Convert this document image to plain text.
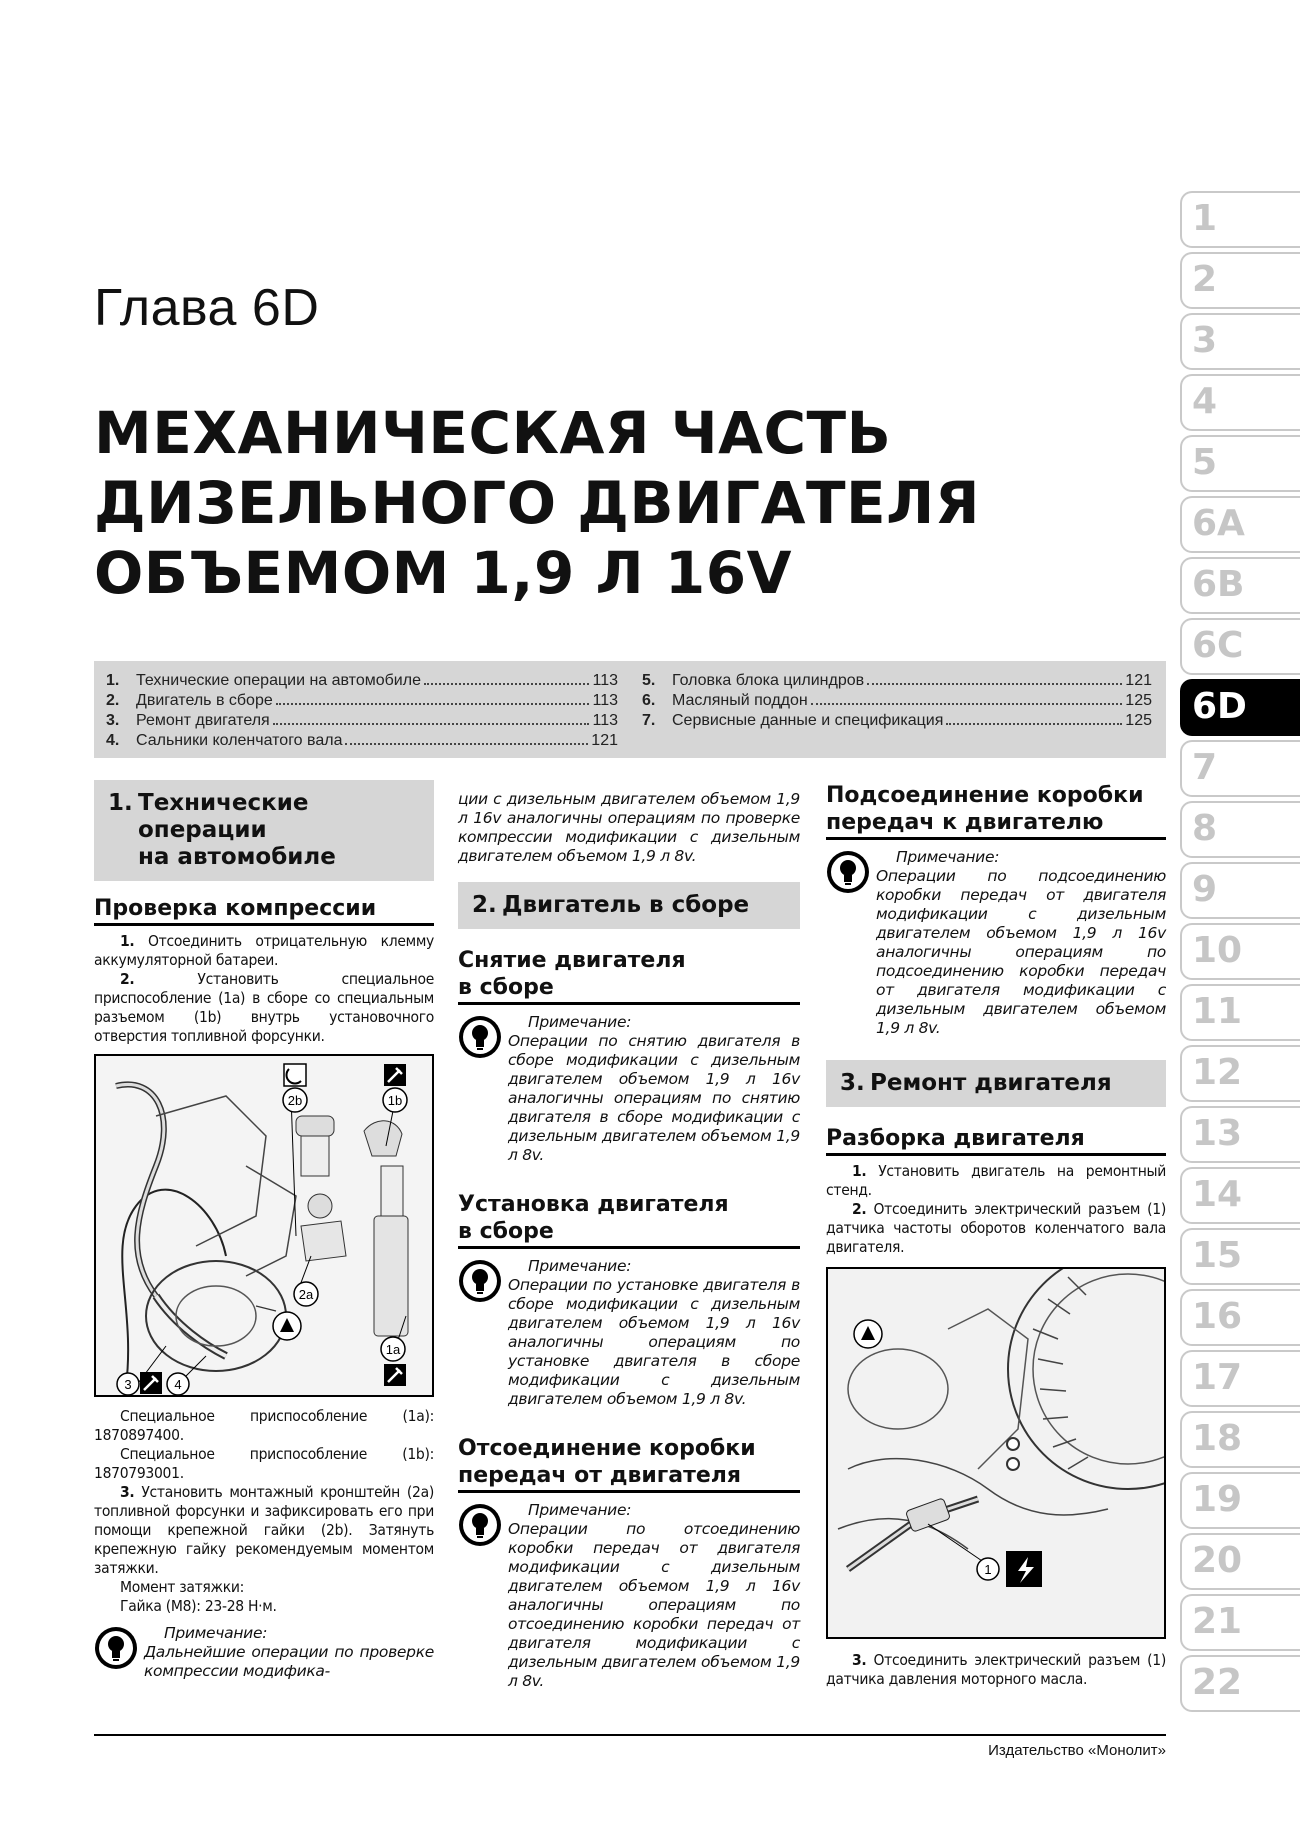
Глава 6D
МЕХАНИЧЕСКАЯ ЧАСТЬ
ДИЗЕЛЬНОГО ДВИГАТЕЛЯ
ОБЪЕМОМ 1,9 Л 16V
1
2
3
4
5
6A
6B
6C
6D
7
8
9
10
11
12
13
14
15
16
17
18
19
20
21
22
1.	Технические операции на автомобиле	113
2.	Двигатель в сборе	113
3.	Ремонт двигателя	113
4.	Сальники коленчатого вала	121
5.	Головка блока цилиндров	121
6.	Масляный поддон	125
7.	Сервисные данные и спецификация	125
1. Технические
операции
на автомобиле
Проверка компрессии

1. Отсоединить отрицательную клемму аккумуляторной батареи.

2.	Установить специальное приспособление (1a) в сборе со специальным разъемом (1b) внутрь установочного отверстия топливной форсунки.

2b	1b
2a
1a
3	4

Специальное приспособление (1a): 1870897400.

Специальное приспособление (1b): 1870793001.

3. Установить монтажный кронштейн (2a) топливной форсунки и зафиксировать его при помощи крепежной гайки (2b). Затянуть крепежную гайку рекомендуемым моментом затяжки.

Момент затяжки:

Гайка (M8): 23-28 Н·м.

Примечание:
Дальнейшие операции по проверке компрессии модифика-
ции с дизельным двигателем объемом 1,9 л 16v аналогичны операциям по проверке компрессии модификации с дизельным двигателем объемом 1,9 л 8v.
2. Двигатель в сборе
Снятие двигателя
в сборе
Примечание:
Операции по снятию двигателя в сборе модификации с дизельным двигателем объемом 1,9 л 16v аналогичны операциям по снятию двигателя в сборе модификации с дизельным двигателем объемом 1,9 л 8v.
Установка двигателя
в сборе
Примечание:
Операции по установке двигателя в сборе модификации с дизельным двигателем объемом 1,9 л 16v аналогичны операциям по установке двигателя в сборе модификации с дизельным двигателем объемом 1,9 л 8v.
Отсоединение коробки
передач от двигателя
Примечание:
Операции по отсоединению коробки передач от двигателя модификации с дизельным двигателем объемом 1,9 л 16v аналогичны операциям по отсоединению коробки передач от двигателя модификации с дизельным двигателем объемом 1,9 л 8v.
Подсоединение коробки
передач к двигателю
Примечание:
Операции по подсоединению коробки передач от двигателя модификации с дизельным двигателем объемом 1,9 л 16v аналогичны операциям по подсоединению коробки передач от двигателя модификации с дизельным двигателем объемом 1,9 л 8v.
3. Ремонт двигателя
Разборка двигателя

1. Установить двигатель на ремонтный стенд.

2. Отсоединить электрический разъем (1) датчика частоты оборотов коленчатого вала двигателя.

1

3. Отсоединить электрический разъем (1) датчика давления моторного масла.

Издательство «Монолит»
